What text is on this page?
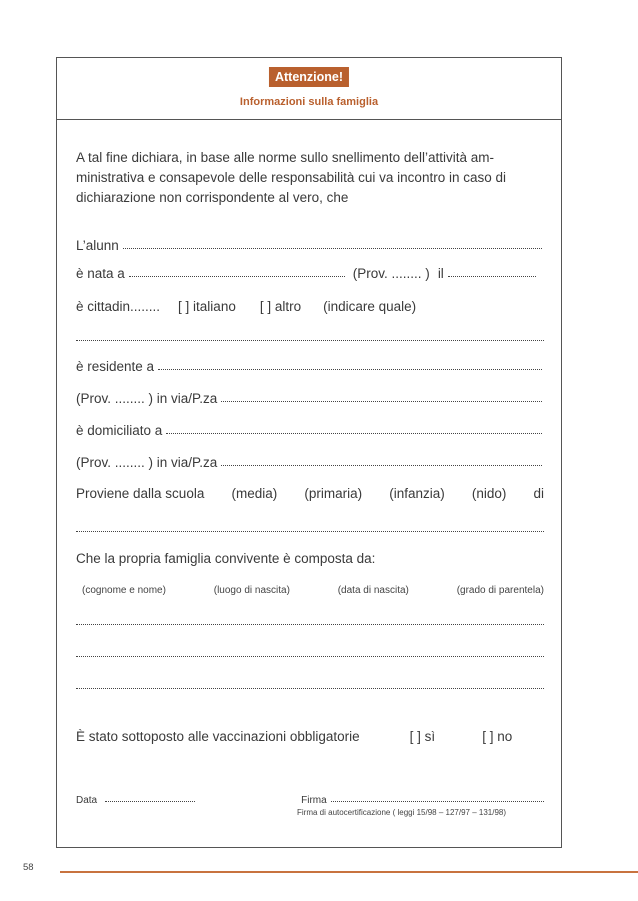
Attenzione!
Informazioni sulla famiglia
A tal fine dichiara, in base alle norme sullo snellimento dell’attività am-ministrativa e consapevole delle responsabilità cui va incontro in caso di dichiarazione non corrispondente al vero, che
L’alunn
è nata a	(Prov. ........ ) il
è cittadin........ [ ] italiano [ ] altro (indicare quale)
è residente a
(Prov. ........ ) in via/P.za
è domiciliato a
(Prov. ........ ) in via/P.za
Proviene dalla scuola (media) (primaria) (infanzia) (nido) di
Che la propria famiglia convivente è composta da:
(cognome e nome)	(luogo di nascita)	(data di nascita)	(grado di parentela)
È stato sottoposto alle vaccinazioni obbligatorie	[ ] sì	[ ] no
Data	Firma
Firma di autocertificazione ( leggi 15/98 – 127/97 – 131/98)
58
